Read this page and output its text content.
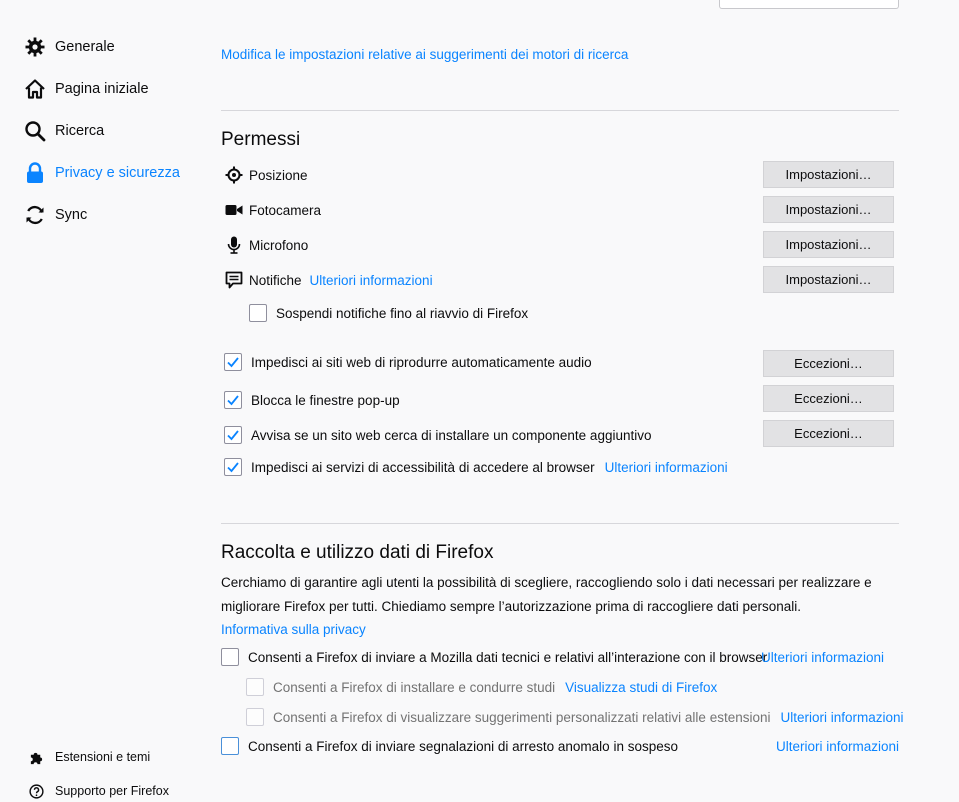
Generale
Pagina iniziale
Ricerca
Privacy e sicurezza
Sync
Estensioni e temi
Supporto per Firefox
Modifica le impostazioni relative ai suggerimenti dei motori di ricerca
Permessi
Posizione	Impostazioni…
Fotocamera	Impostazioni…
Microfono	Impostazioni…
Notifiche Ulteriori informazioni	Impostazioni…
Sospendi notifiche fino al riavvio di Firefox
Impedisci ai siti web di riprodurre automaticamente audio	Eccezioni…
Blocca le finestre pop-up	Eccezioni…
Avvisa se un sito web cerca di installare un componente aggiuntivo	Eccezioni…
Impedisci ai servizi di accessibilità di accedere al browser Ulteriori informazioni
Raccolta e utilizzo dati di Firefox
Cerchiamo di garantire agli utenti la possibilità di scegliere, raccogliendo solo i dati necessari per realizzare e
migliorare Firefox per tutti. Chiediamo sempre l’autorizzazione prima di raccogliere dati personali.
Informativa sulla privacy
Consenti a Firefox di inviare a Mozilla dati tecnici e relativi all’interazione con il browser
Ulteriori informazioni
Consenti a Firefox di installare e condurre studi Visualizza studi di Firefox
Consenti a Firefox di visualizzare suggerimenti personalizzati relativi alle estensioni Ulteriori informazioni
Consenti a Firefox di inviare segnalazioni di arresto anomalo in sospeso	Ulteriori informazioni
